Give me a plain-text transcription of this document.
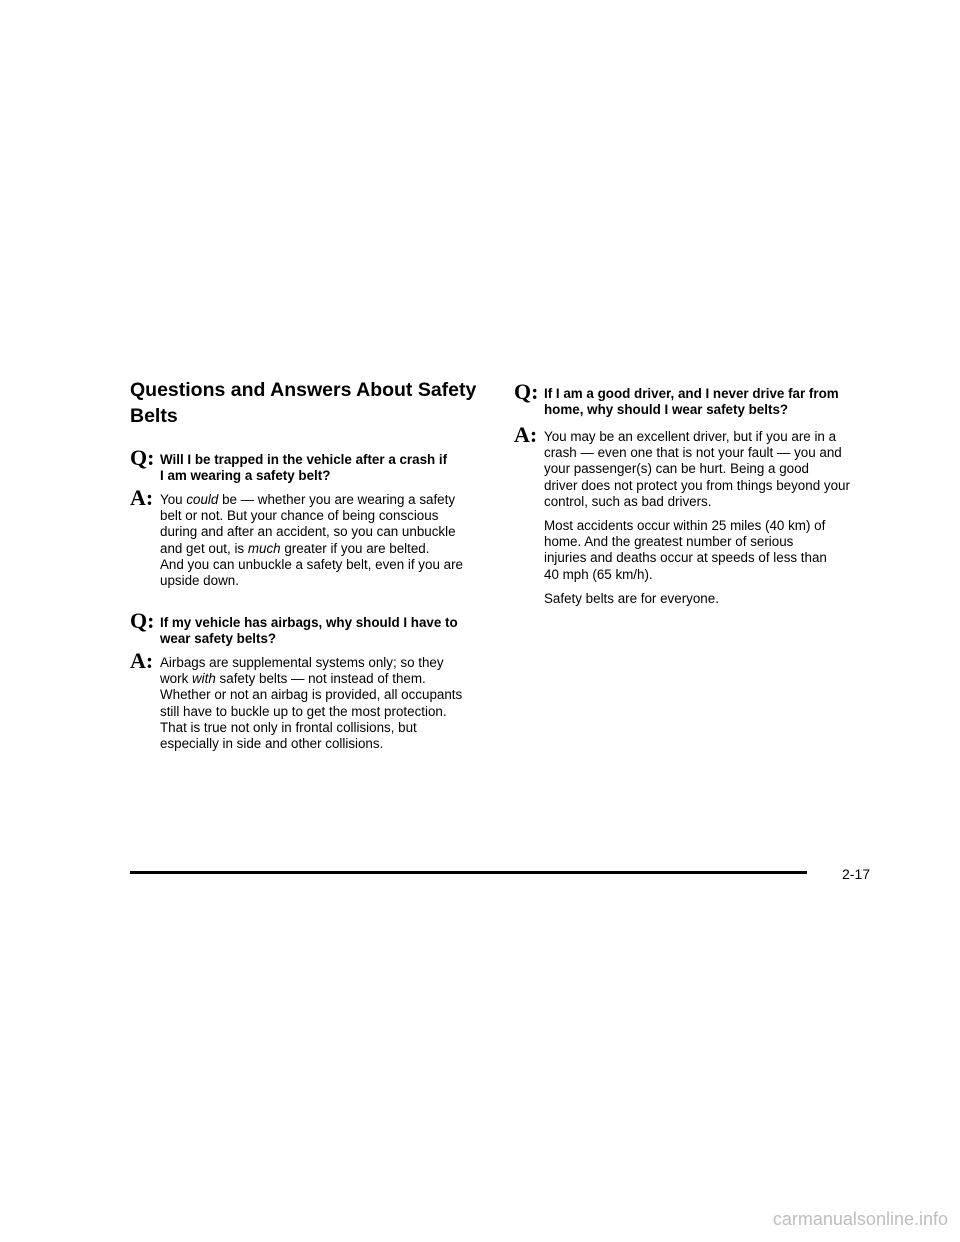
Questions and Answers About Safety Belts
Q: Will I be trapped in the vehicle after a crash if
I am wearing a safety belt?
A: You could be — whether you are wearing a safety
belt or not. But your chance of being conscious
during and after an accident, so you can unbuckle
and get out, is much greater if you are belted.
And you can unbuckle a safety belt, even if you are
upside down.
Q: If my vehicle has airbags, why should I have to
wear safety belts?
A: Airbags are supplemental systems only; so they
work with safety belts — not instead of them.
Whether or not an airbag is provided, all occupants
still have to buckle up to get the most protection.
That is true not only in frontal collisions, but
especially in side and other collisions.
Q: If I am a good driver, and I never drive far from
home, why should I wear safety belts?
A: You may be an excellent driver, but if you are in a
crash — even one that is not your fault — you and
your passenger(s) can be hurt. Being a good
driver does not protect you from things beyond your
control, such as bad drivers.

Most accidents occur within 25 miles (40 km) of
home. And the greatest number of serious
injuries and deaths occur at speeds of less than
40 mph (65 km/h).

Safety belts are for everyone.

2-17
carmanualsonline.info
